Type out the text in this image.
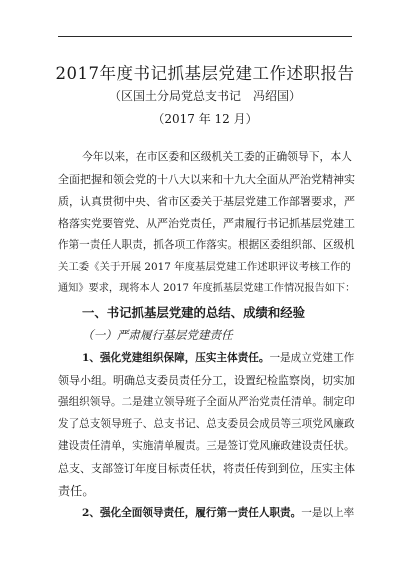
2017年度书记抓基层党建工作述职报告
（区国土分局党总支书记　冯绍国）
（2017 年 12 月）
今年以来，在市区委和区级机关工委的正确领导下，本人
全面把握和领会党的十八大以来和十九大全面从严治党精神实
质，认真贯彻中央、省市区委关于基层党建工作部署要求，严
格落实党要管党、从严治党责任，严肃履行书记抓基层党建工
作第一责任人职责，抓各项工作落实。根据区委组织部、区级机
关工委《关于开展 2017 年度基层党建工作述职评议考核工作的
通知》要求，现将本人 2017 年度抓基层党建工作情况报告如下：
一、书记抓基层党建的总结、成绩和经验
（一）严肃履行基层党建责任
1、强化党建组织保障，压实主体责任。一是成立党建工作
领导小组。明确总支委员责任分工，设置纪检监察岗，切实加
强组织领导。二是建立领导班子全面从严治党责任清单。制定印
发了总支领导班子、总支书记、总支委员会成员等三项党风廉政
建设责任清单，实施清单履责。三是签订党风廉政建设责任状。
总支、支部签订年度目标责任状，将责任传到到位，压实主体
责任。
2、强化全面领导责任，履行第一责任人职责。一是以上率
